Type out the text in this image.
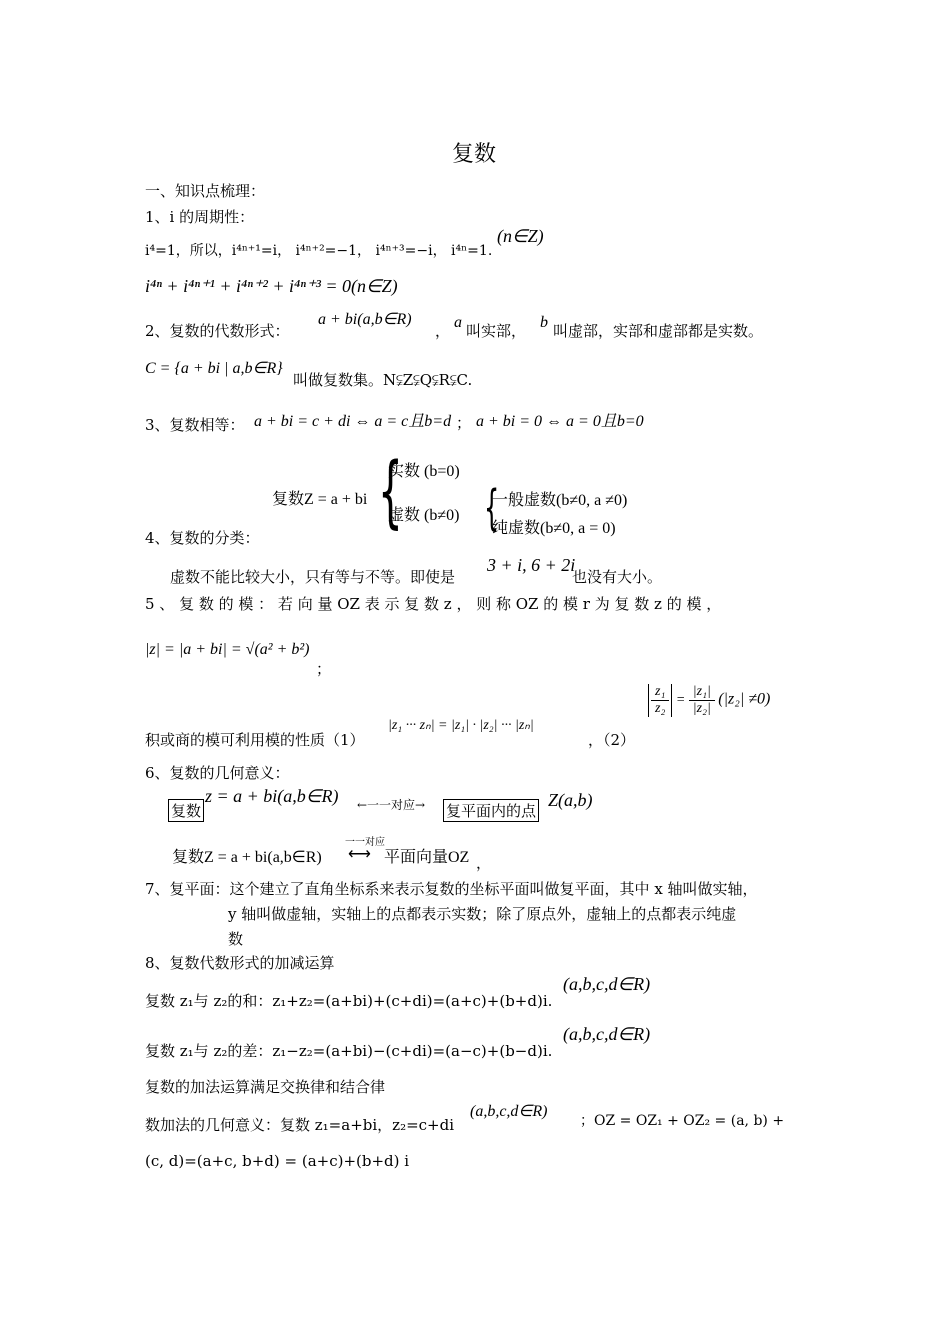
复数
一、知识点梳理：
1、i 的周期性：
i⁴=1，所以，i⁴ⁿ⁺¹=i， i⁴ⁿ⁺²=−1， i⁴ⁿ⁺³=−i， i⁴ⁿ=1.
(n∈Z)
i⁴ⁿ + i⁴ⁿ⁺¹ + i⁴ⁿ⁺² + i⁴ⁿ⁺³ = 0(n∈Z)
2、复数的代数形式：
a + bi(a,b∈R)
， a 叫实部， b 叫虚部，实部和虚部都是实数。
C = {a + bi | a,b∈R}
叫做复数集。N⫋Z⫋Q⫋R⫋C.
3、复数相等： a + bi = c + di ⇔ a = c且b=d ； a + bi = 0 ⇔ a = 0且b=0
复数Z = a + bi {
实数 (b=0)
虚数 (b≠0) {
一般虚数(b≠0, a ≠0)
纯虚数(b≠0, a = 0)
4、复数的分类：
虚数不能比较大小，只有等与不等。即使是
3 + i, 6 + 2i
也没有大小。
5 、 复 数 的 模 ： 若 向 量 OZ 表 示 复 数 z ， 则 称 OZ 的 模 r 为 复 数 z 的 模 ，
|z| = |a + bi| = √(a² + b²)
；
积或商的模可利用模的性质（1）
|z₁ ··· zₙ| = |z₁| · |z₂| ··· |zₙ|
，（2）
$\frac{\text{z₁}}{\text{z₂}} = \frac{\text{|z₁|}}{\text{|z₂|}} (|z_2| \ne 0)$
6、复数的几何意义：
复数
z = a + bi(a,b∈R) ←一一对应→ 复平面内的点
Z(a,b)
复数Z = a + bi(a,b∈R)
一一对应
⟷ 平面向量OZ ，
7、复平面：这个建立了直角坐标系来表示复数的坐标平面叫做复平面，其中 x 轴叫做实轴，
y 轴叫做虚轴，实轴上的点都表示实数；除了原点外，虚轴上的点都表示纯虚
数
8、复数代数形式的加减运算
复数 z₁与 z₂的和：z₁+z₂=(a+bi)+(c+di)=(a+c)+(b+d)i.
(a,b,c,d∈R)
复数 z₁与 z₂的差：z₁−z₂=(a+bi)−(c+di)=(a−c)+(b−d)i.
(a,b,c,d∈R)
复数的加法运算满足交换律和结合律
数加法的几何意义：复数 z₁=a+bi，z₂=c+di
(a,b,c,d∈R)
；OZ = OZ₁ + OZ₂ = (a, b) +
(c, d)=(a+c, b+d) = (a+c)+(b+d) i
